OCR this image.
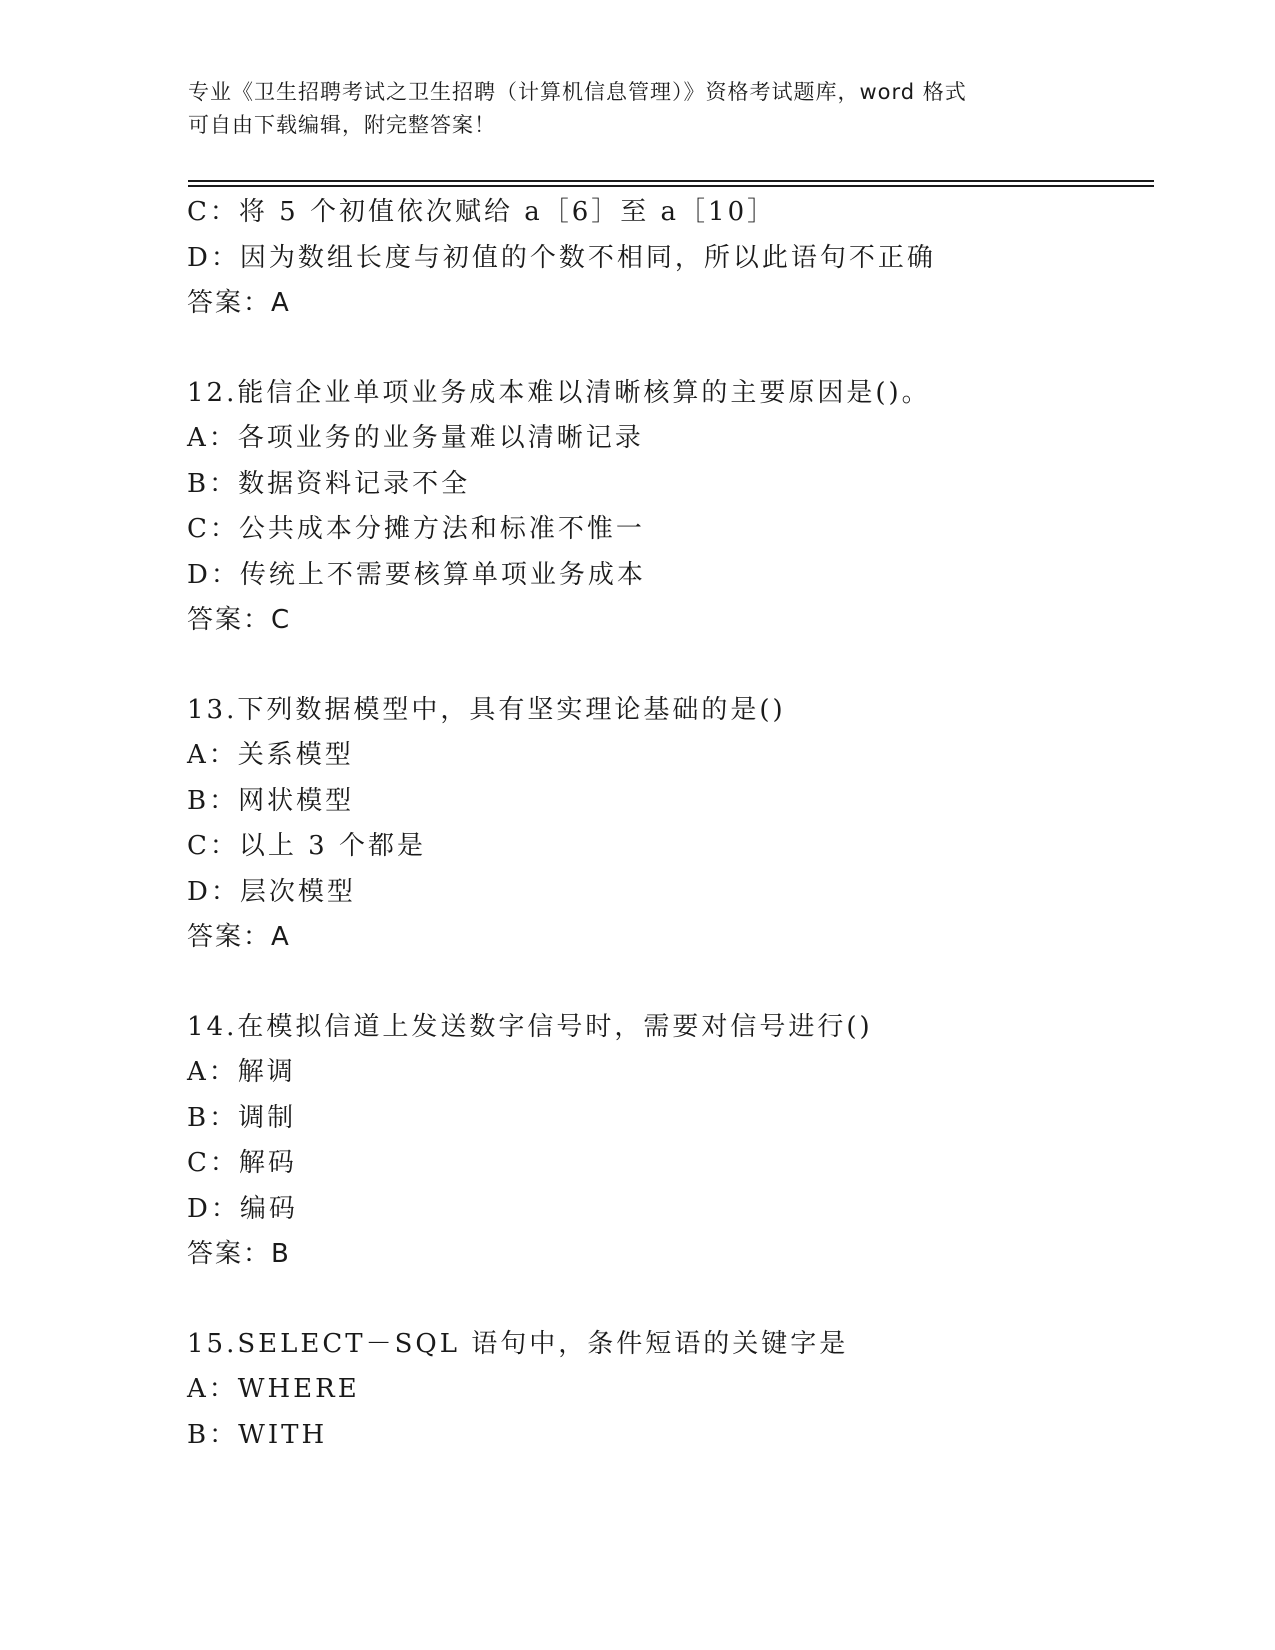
专业《卫生招聘考试之卫生招聘（计算机信息管理）》资格考试题库，word 格式
可自由下载编辑，附完整答案！
C：将 5 个初值依次赋给 a［6］至 a［10］
D：因为数组长度与初值的个数不相同，所以此语句不正确
答案：A
12.能信企业单项业务成本难以清晰核算的主要原因是()。
A：各项业务的业务量难以清晰记录
B：数据资料记录不全
C：公共成本分摊方法和标准不惟一
D：传统上不需要核算单项业务成本
答案：C
13.下列数据模型中，具有坚实理论基础的是()
A：关系模型
B：网状模型
C：以上 3 个都是
D：层次模型
答案：A
14.在模拟信道上发送数字信号时，需要对信号进行()
A：解调
B：调制
C：解码
D：编码
答案：B
15.SELECT－SQL 语句中，条件短语的关键字是
A：WHERE
B：WITH
